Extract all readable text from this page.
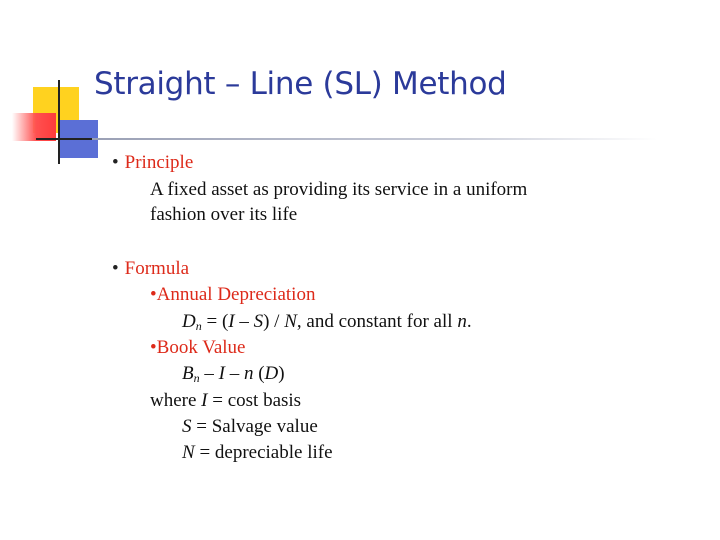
Straight – Line (SL) Method
• Principle
A fixed asset as providing its service in a uniform
fashion over its life
• Formula
•Annual Depreciation
$D_n = (I - S) / N$, and constant for all n.
•Book Value
$B_n$ – I – n (D)
where I = cost basis
S = Salvage value
N = depreciable life
